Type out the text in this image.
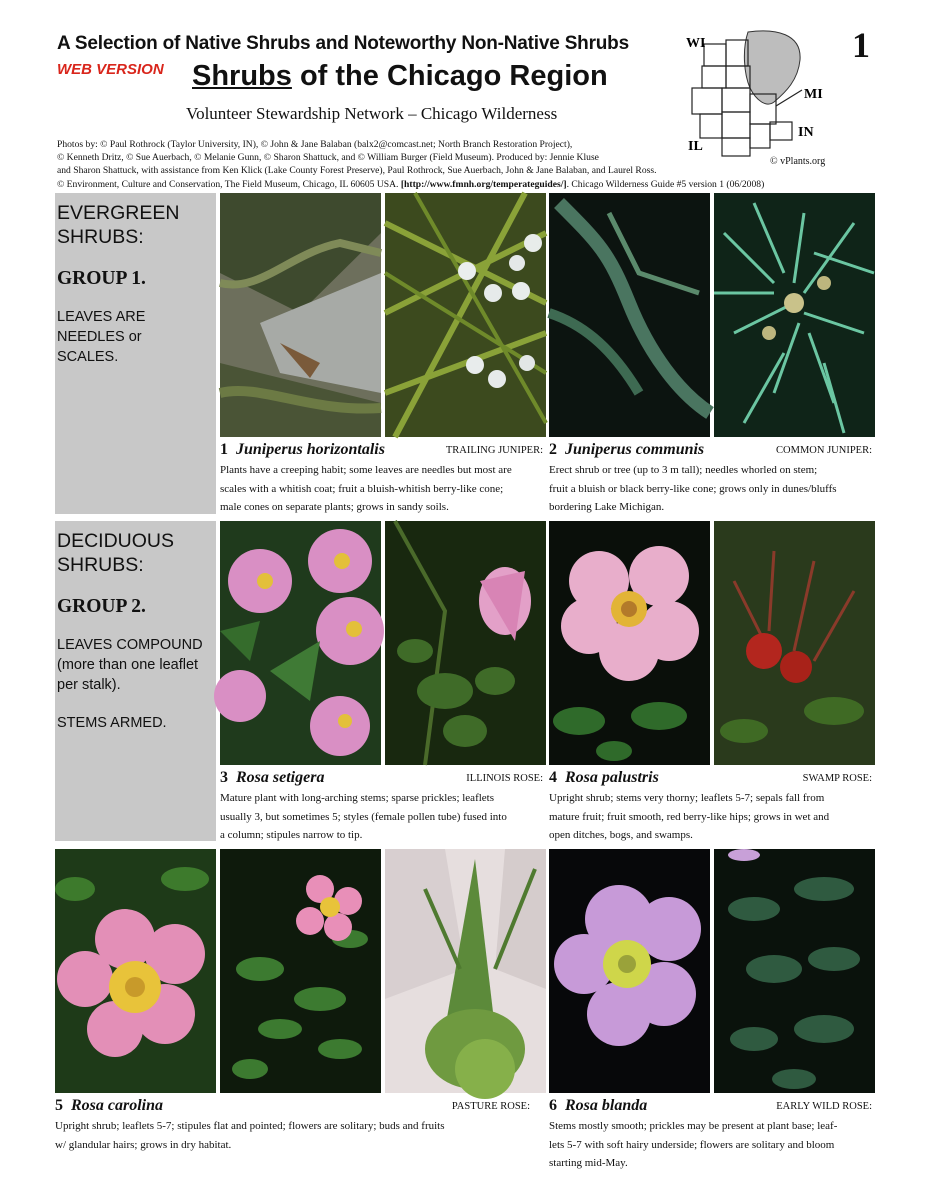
A Selection of Native Shrubs and Noteworthy Non-Native Shrubs
WEB VERSION Shrubs of the Chicago Region
Volunteer Stewardship Network – Chicago Wilderness
1
WI
MI
IN
IL
Photos by: © Paul Rothrock (Taylor University, IN), © John & Jane Balaban (balx2@comcast.net; North Branch Restoration Project),
© Kenneth Dritz, © Sue Auerbach, © Melanie Gunn, © Sharon Shattuck, and © William Burger (Field Museum). Produced by: Jennie Kluse
and Sharon Shattuck, with assistance from Ken Klick (Lake County Forest Preserve), Paul Rothrock, Sue Auerbach, John & Jane Balaban, and Laurel Ross.
© Environment, Culture and Conservation, The Field Museum, Chicago, IL 60605 USA. [http://www.fmnh.org/temperateguides/]. Chicago Wilderness Guide #5 version 1 (06/2008)
© vPlants.org
EVERGREEN
SHRUBS:
GROUP 1.
LEAVES ARE
NEEDLES or
SCALES.
DECIDUOUS
SHRUBS:
GROUP 2.
LEAVES COMPOUND
(more than one leaflet
per stalk).
STEMS ARMED.
1 Juniperus horizontalis	TRAILING JUNIPER:
Plants have a creeping habit; some leaves are needles but most are
scales with a whitish coat; fruit a bluish-whitish berry-like cone;
male cones on separate plants; grows in sandy soils.
2 Juniperus communis	COMMON JUNIPER:
Erect shrub or tree (up to 3 m tall); needles whorled on stem;
fruit a bluish or black berry-like cone; grows only in dunes/bluffs
bordering Lake Michigan.
3 Rosa setigera	ILLINOIS ROSE:
Mature plant with long-arching stems; sparse prickles; leaflets
usually 3, but sometimes 5; styles (female pollen tube) fused into
a column; stipules narrow to tip.
4 Rosa palustris	SWAMP ROSE:
Upright shrub; stems very thorny; leaflets 5-7; sepals fall from
mature fruit; fruit smooth, red berry-like hips; grows in wet and
open ditches, bogs, and swamps.
5 Rosa carolina	PASTURE ROSE:
Upright shrub; leaflets 5-7; stipules flat and pointed; flowers are solitary; buds and fruits
w/ glandular hairs; grows in dry habitat.
6 Rosa blanda	EARLY WILD ROSE:
Stems mostly smooth; prickles may be present at plant base; leaf-
lets 5-7 with soft hairy underside; flowers are solitary and bloom
starting mid-May.
